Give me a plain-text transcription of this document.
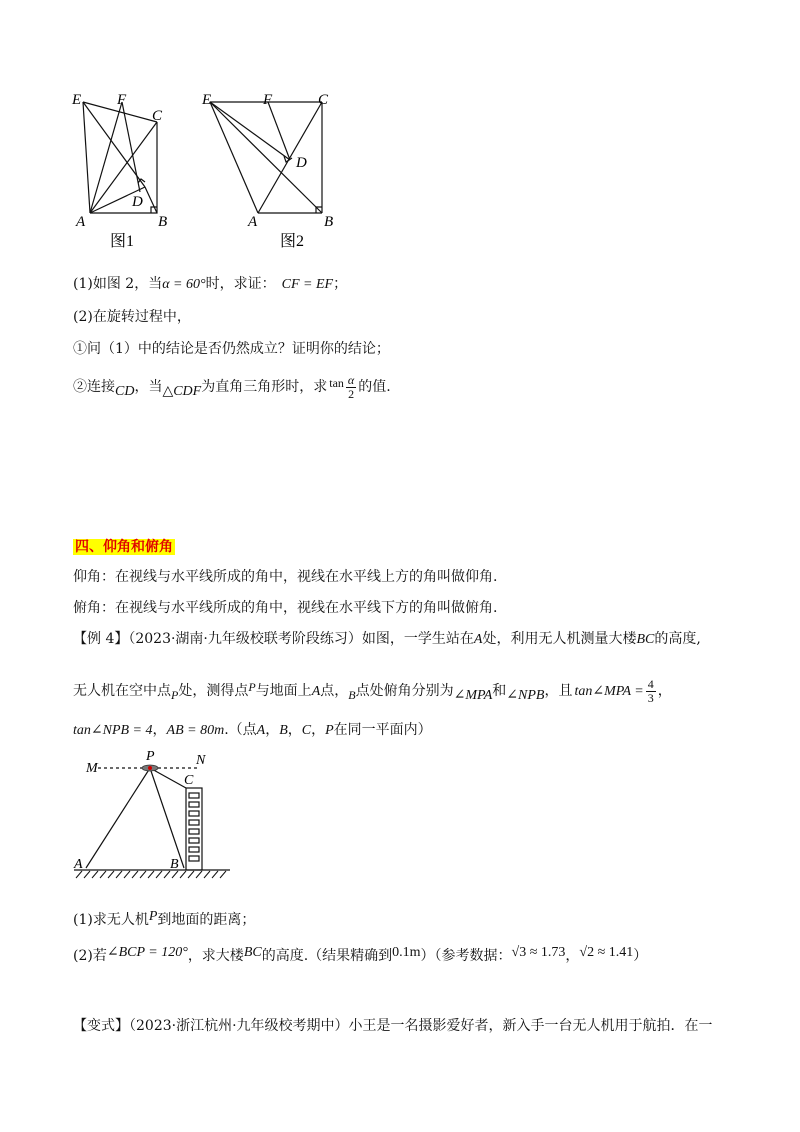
E F
C
D
A	B
图1
E	F	C
D
A	B
图2
(1)如图 2，当α = 60°时，求证： CF = EF；
(2)在旋转过程中，
①问（1）中的结论是否仍然成立？证明你的结论；
②连接CD，当△CDF为直角三角形时，求 $\tan \frac{\alpha}{2}$ 的值.
四、仰角和俯角
仰角：在视线与水平线所成的角中，视线在水平线上方的角叫做仰角.
俯角：在视线与水平线所成的角中，视线在水平线下方的角叫做俯角.
【例 4】（2023·湖南·九年级校联考阶段练习）如图，一学生站在A处，利用无人机测量大楼BC的高度,
无人机在空中点P处，测得点P与地面上A点，B点处俯角分别为∠MPA和∠NPB，且 tan∠MPA = $\frac{4}{3}$ ，
tan∠NPB = 4，AB = 80m.（点A，B，C，P在同一平面内）
M
P	N
C
A	B
(1)求无人机P到地面的距离；
(2)若∠BCP = 120°，求大楼BC的高度.（结果精确到0.1m）（参考数据：√3 ≈ 1.73，√2 ≈ 1.41）
【变式】（2023·浙江杭州·九年级校考期中）小王是一名摄影爱好者，新入手一台无人机用于航拍．在一
